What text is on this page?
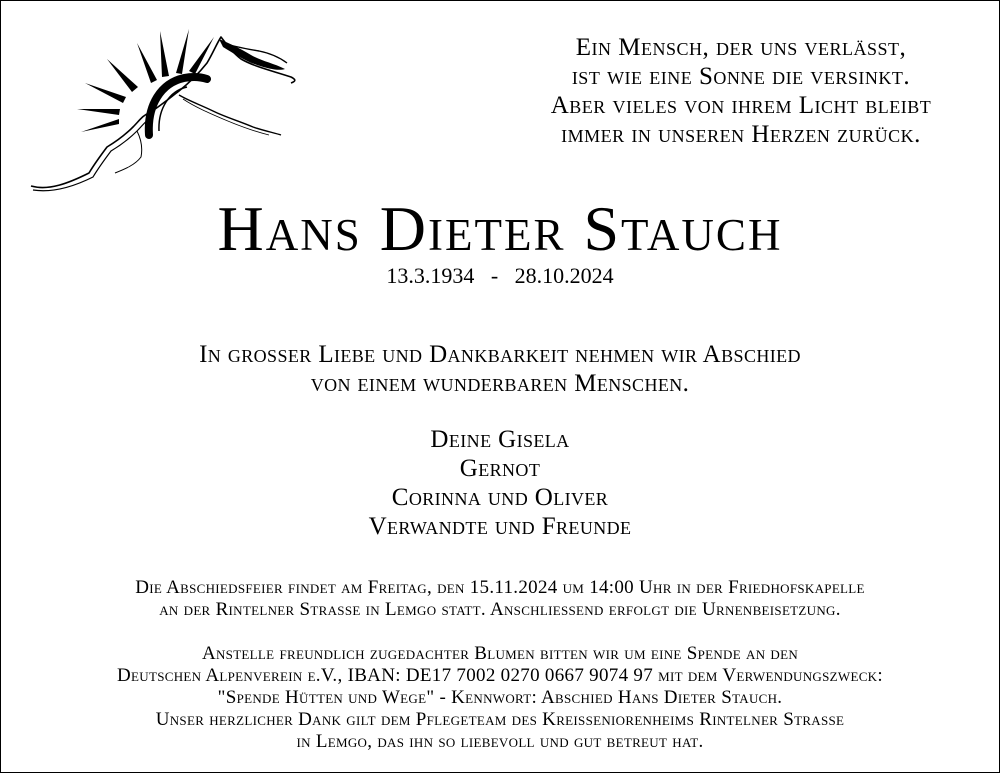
Ein Mensch, der uns verlässt,
ist wie eine Sonne die versinkt.
Aber vieles von ihrem Licht bleibt
immer in unseren Herzen zurück.
Hans Dieter Stauch
13.3.1934   -   28.10.2024
In grosser Liebe und Dankbarkeit nehmen wir Abschied
von einem wunderbaren Menschen.
Deine Gisela
Gernot
Corinna und Oliver
Verwandte und Freunde
Die Abschiedsfeier findet am Freitag, den 15.11.2024 um 14:00 Uhr in der Friedhofskapelle
an der Rintelner Strasse in Lemgo statt. Anschliessend erfolgt die Urnenbeisetzung.
Anstelle freundlich zugedachter Blumen bitten wir um eine Spende an den
Deutschen Alpenverein e.V., IBAN: DE17 7002 0270 0667 9074 97 mit dem Verwendungszweck:
"Spende Hütten und Wege" - Kennwort: Abschied Hans Dieter Stauch.
Unser herzlicher Dank gilt dem Pflegeteam des Kreisseniorenheims Rintelner Strasse
in Lemgo, das ihn so liebevoll und gut betreut hat.
